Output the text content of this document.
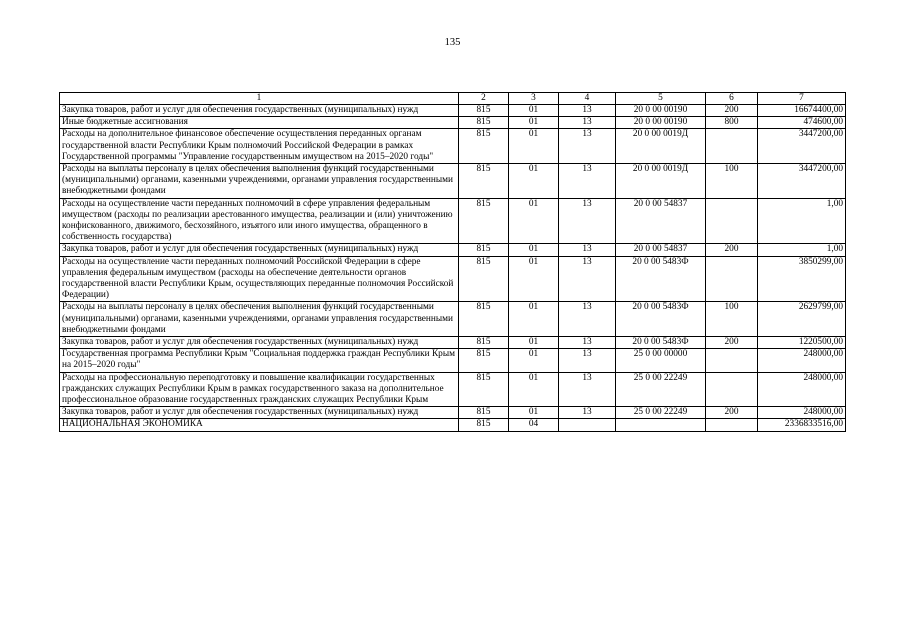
135
1	2	3	4	5	6	7
Закупка товаров, работ и услуг для обеспечения государственных (муниципальных) нужд	815	01	13	20 0 00 00190	200	16674400,00
Иные бюджетные ассигнования	815	01	13	20 0 00 00190	800	474600,00
Расходы на дополнительное финансовое обеспечение осуществления переданных органам государственной власти Республики Крым полномочий Российской Федерации в рамках Государственной программы "Управление государственным имуществом на 2015–2020 годы"	815	01	13	20 0 00 0019Д		3447200,00
Расходы на выплаты персоналу в целях обеспечения выполнения функций государственными (муниципальными) органами, казенными учреждениями, органами управления государственными внебюджетными фондами	815	01	13	20 0 00 0019Д	100	3447200,00
Расходы на осуществление части переданных полномочий в сфере управления федеральным имуществом (расходы по реализации арестованного имущества, реализации и (или) уничтожению конфискованного, движимого, бесхозяйного, изъятого или иного имущества, обращенного в собственность государства)	815	01	13	20 0 00 54837		1,00
Закупка товаров, работ и услуг для обеспечения государственных (муниципальных) нужд	815	01	13	20 0 00 54837	200	1,00
Расходы на осуществление части переданных полномочий Российской Федерации в сфере управления федеральным имуществом (расходы на обеспечение деятельности органов государственной власти Республики Крым, осуществляющих переданные полномочия Российской Федерации)	815	01	13	20 0 00 5483Ф		3850299,00
Расходы на выплаты персоналу в целях обеспечения выполнения функций государственными (муниципальными) органами, казенными учреждениями, органами управления государственными внебюджетными фондами	815	01	13	20 0 00 5483Ф	100	2629799,00
Закупка товаров, работ и услуг для обеспечения государственных (муниципальных) нужд	815	01	13	20 0 00 5483Ф	200	1220500,00
Государственная программа Республики Крым "Социальная поддержка граждан Республики Крым на 2015–2020 годы"	815	01	13	25 0 00 00000		248000,00
Расходы на профессиональную переподготовку и повышение квалификации государственных гражданских служащих Республики Крым в рамках государственного заказа на дополнительное профессиональное образование государственных гражданских служащих Республики Крым	815	01	13	25 0 00 22249		248000,00
Закупка товаров, работ и услуг для обеспечения государственных (муниципальных) нужд	815	01	13	25 0 00 22249	200	248000,00
НАЦИОНАЛЬНАЯ ЭКОНОМИКА	815	04				2336833516,00
